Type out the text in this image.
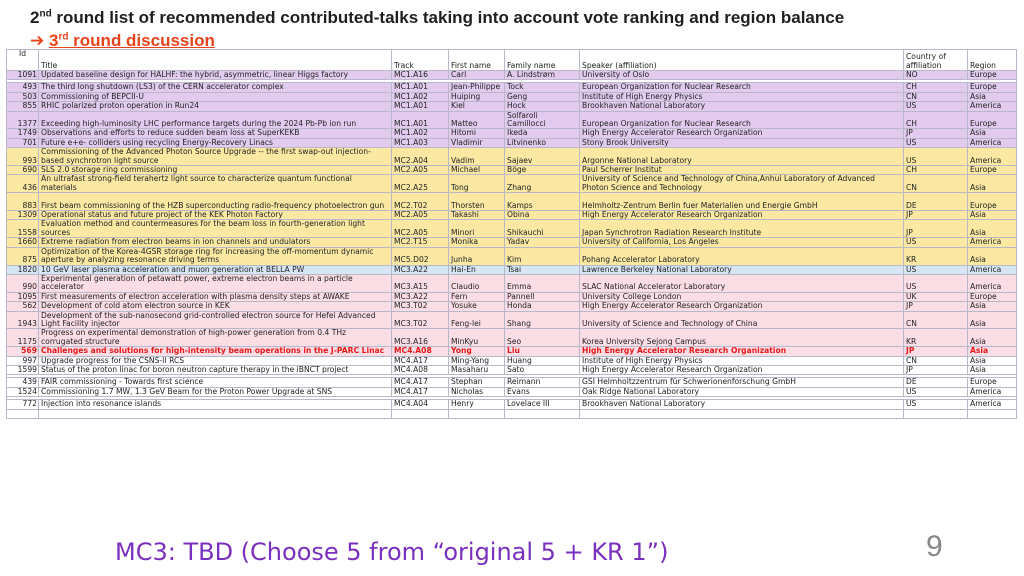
2nd round list of recommended contributed-talks taking into account vote ranking and region balance
➔ 3rd round discussion
Id	Title	Track	First name	Family name	Speaker (affiliation)	Country of
affiliation	Region
1091	Updated baseline design for HALHF: the hybrid, asymmetric, linear Higgs factory	MC1.A16	Carl	A. Lindstrøm	University of Oslo	NO	Europe

493	The third long shutdown (LS3) of the CERN accelerator complex	MC1.A01	Jean-Philippe	Tock	European Organization for Nuclear Research	CH	Europe
503	Commissioning of BEPCII-U	MC1.A02	Huiping	Geng	Institute of High Energy Physics	CN	Asia
855	RHIC polarized proton operation in Run24	MC1.A01	Kiel	Hock	Brookhaven National Laboratory	US	America
1377	Exceeding high-luminosity LHC performance targets during the 2024 Pb-Pb ion run	MC1.A01	Matteo	Solfaroli Camillocci	European Organization for Nuclear Research	CH	Europe
1749	Observations and efforts to reduce sudden beam loss at SuperKEKB	MC1.A02	Hitomi	Ikeda	High Energy Accelerator Research Organization	JP	Asia
701	Future e+e- colliders using recycling Energy-Recovery Linacs	MC1.A03	Vladimir	Litvinenko	Stony Brook University	US	America
993	Commissioning of the Advanced Photon Source Upgrade -- the first swap-out injection-based synchrotron light source	MC2.A04	Vadim	Sajaev	Argonne National Laboratory	US	America
690	SLS 2.0 storage ring commissioning	MC2.A05	Michael	Böge	Paul Scherrer Institut	CH	Europe
436	An ultrafast strong-field terahertz light source to characterize quantum functional materials	MC2.A25	Tong	Zhang	University of Science and Technology of China,Anhui Laboratory of Advanced Photon Science and Technology	CN	Asia
883	First beam commissioning of the HZB superconducting radio-frequency photoelectron gun	MC2.T02	Thorsten	Kamps	Helmholtz-Zentrum Berlin fuer Materialien und Energie GmbH	DE	Europe
1309	Operational status and future project of the KEK Photon Factory	MC2.A05	Takashi	Obina	High Energy Accelerator Research Organization	JP	Asia
1558	Evaluation method and countermeasures for the beam loss in fourth-generation light sources	MC2.A05	Minori	Shikauchi	Japan Synchrotron Radiation Research Institute	JP	Asia
1660	Extreme radiation from electron beams in ion channels and undulators	MC2.T15	Monika	Yadav	University of California, Los Angeles	US	America
875	Optimization of the Korea-4GSR storage ring for increasing the off-momentum dynamic aperture by analyzing resonance driving terms	MC5.D02	Junha	Kim	Pohang Accelerator Laboratory	KR	Asia
1820	10 GeV laser plasma acceleration and muon generation at BELLA PW	MC3.A22	Hai-En	Tsai	Lawrence Berkeley National Laboratory	US	America
990	Experimental generation of petawatt power, extreme electron beams in a particle accelerator	MC3.A15	Claudio	Emma	SLAC National Accelerator Laboratory	US	America
1095	First measurements of electron acceleration with plasma density steps at AWAKE	MC3.A22	Fern	Pannell	University College London	UK	Europe
562	Development of cold atom electron source in KEK	MC3.T02	Yosuke	Honda	High Energy Accelerator Research Organization	JP	Asia
1943	Development of the sub-nanosecond grid-controlled electron source for Hefei Advanced Light Facility injector	MC3.T02	Feng-lei	Shang	University of Science and Technology of China	CN	Asia
1175	Progress on experimental demonstration of high-power generation from 0.4 THz corrugated structure	MC3.A16	MinKyu	Seo	Korea University Sejong Campus	KR	Asia
569	Challenges and solutions for high-intensity beam operations in the J-PARC Linac	MC4.A08	Yong	Liu	High Energy Accelerator Research Organization	JP	Asia
997	Upgrade progress for the CSNS-II RCS	MC4.A17	Ming-Yang	Huang	Institute of High Energy Physics	CN	Asia
1599	Status of the proton linac for boron neutron capture therapy in the iBNCT project	MC4.A08	Masaharu	Sato	High Energy Accelerator Research Organization	JP	Asia

439	FAIR commissioning - Towards first science	MC4.A17	Stephan	Reimann	GSI Helmholtzzentrum für Schwerionenforschung GmbH	DE	Europe
1524	Commissioning 1.7 MW, 1.3 GeV Beam for the Proton Power Upgrade at SNS	MC4.A17	Nicholas	Evans	Oak Ridge National Laboratory	US	America

772	Injection into resonance islands	MC4.A04	Henry	Lovelace III	Brookhaven National Laboratory	US	America

MC3: TBD (Choose 5 from “original 5 + KR 1”)	9
